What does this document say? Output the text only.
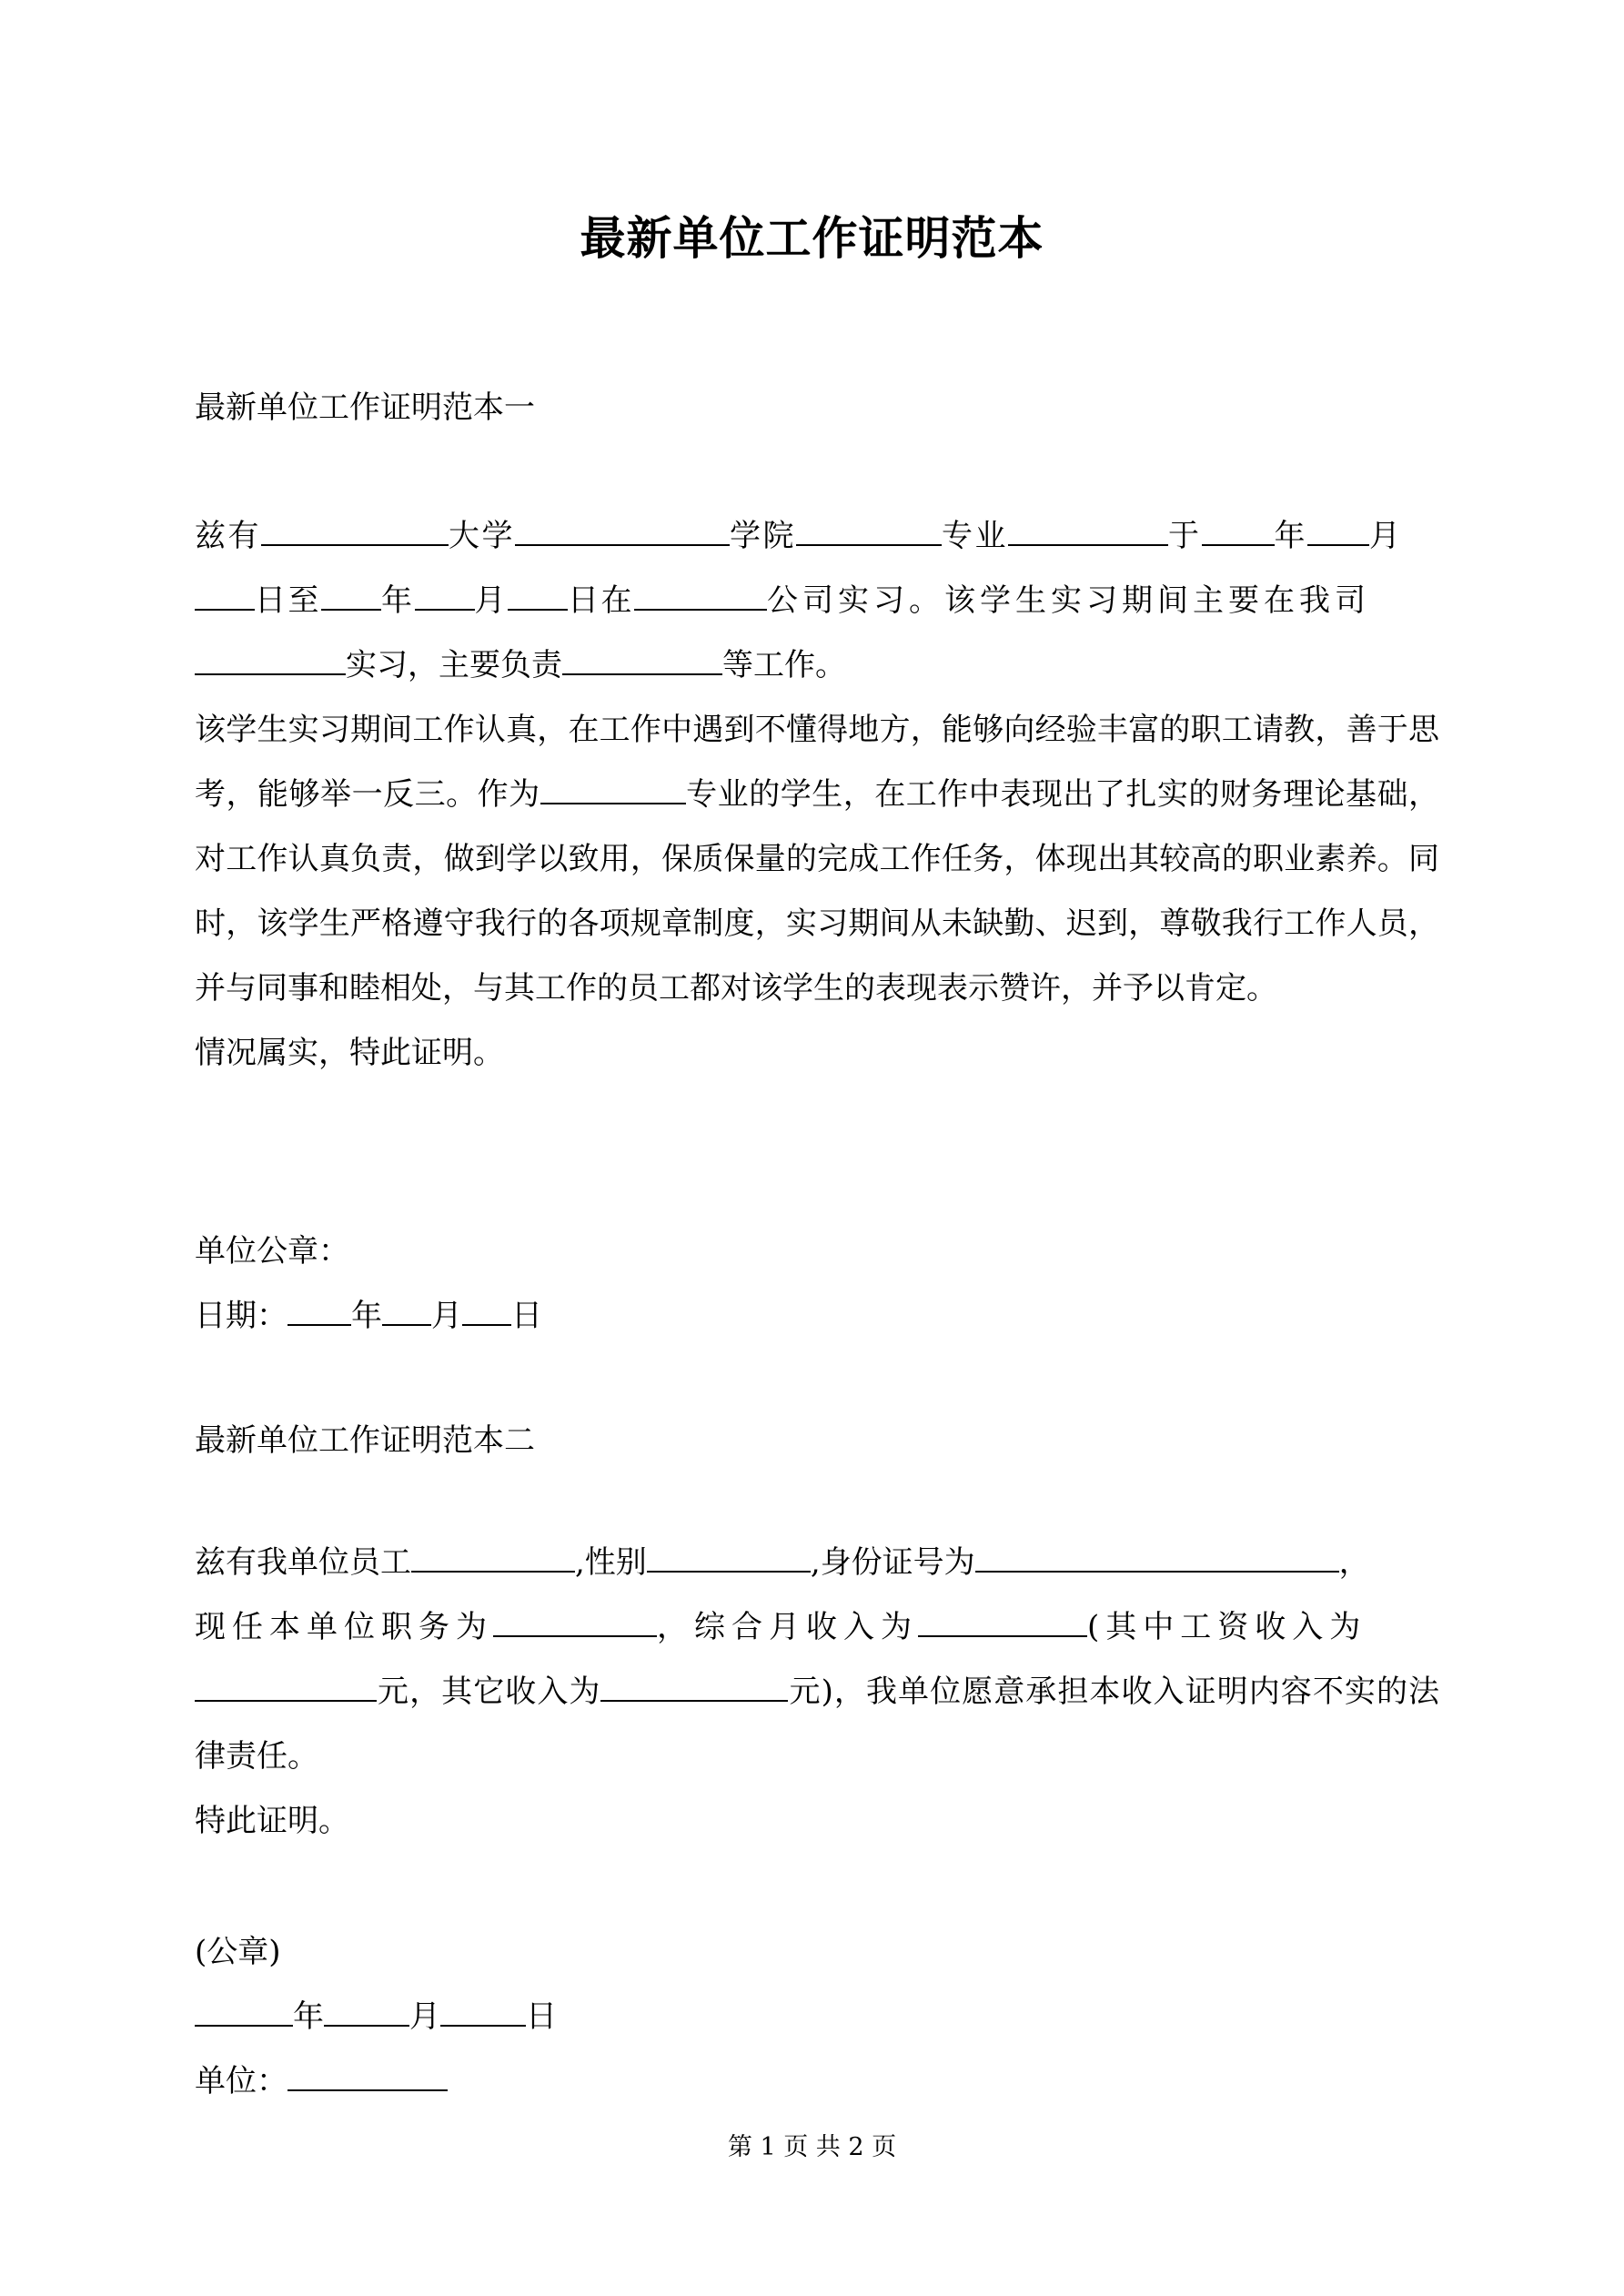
最新单位工作证明范本

最新单位工作证明范本一

兹有	大学	学院	专业	于 年 月
日至 年 月 日在	公司实习。该学生实习期间主要在我司
实习，主要负责	等工作。

该学生实习期间工作认真，在工作中遇到不懂得地方，能够向经验丰富的职工请教，善于思考，能够举一反三。作为	专业的学生，在工作中表现出了扎实的财务理论基础，对工作认真负责，做到学以致用，保质保量的完成工作任务，体现出其较高的职业素养。同时，该学生严格遵守我行的各项规章制度，实习期间从未缺勤、迟到，尊敬我行工作人员，并与同事和睦相处，与其工作的员工都对该学生的表现表示赞许，并予以肯定。

情况属实，特此证明。

单位公章：

日期： 年 月 日

最新单位工作证明范本二

兹有我单位员工	,性别	,身份证号为	，
现任本单位职务为	，综合月收入为	(其中工资收入为
元，其它收入为	元)，我单位愿意承担本收入证明内容不实的法律责任。

特此证明。

(公章)

年	月	日

单位：

第 1 页 共 2 页
